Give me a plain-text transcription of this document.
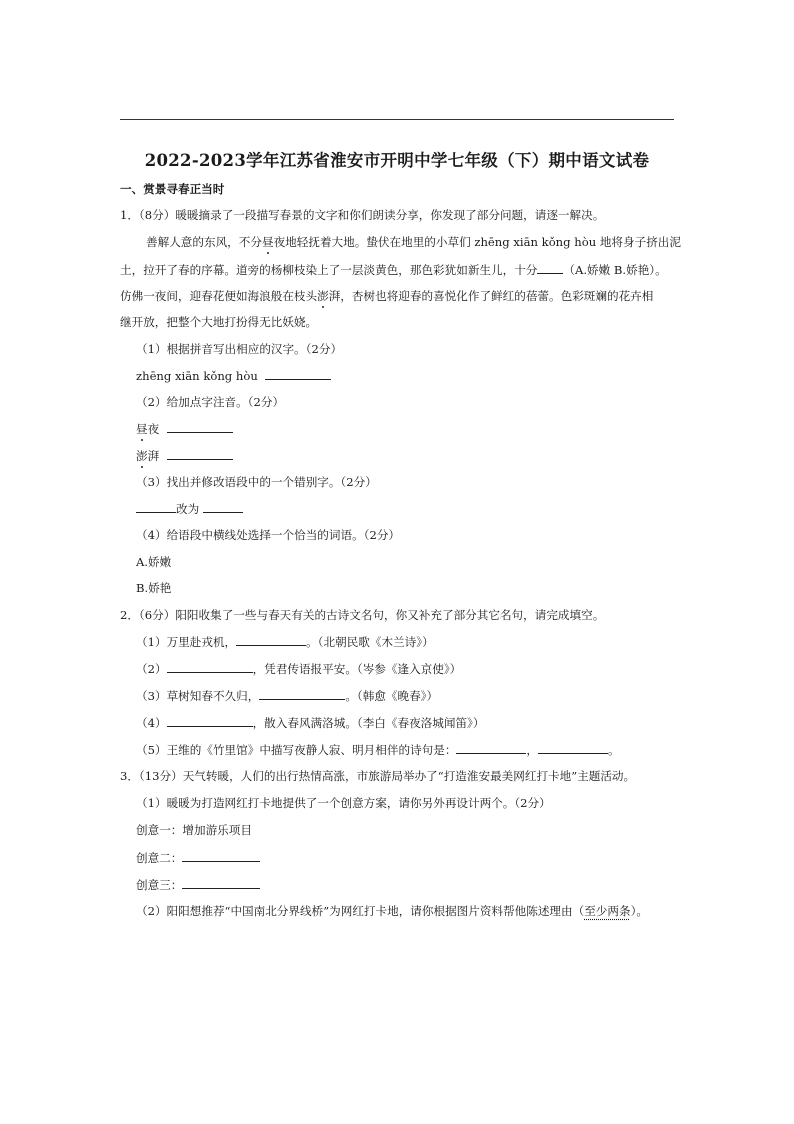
2022-2023学年江苏省淮安市开明中学七年级（下）期中语文试卷
一、赏景寻春正当时
1．（8分）暖暖摘录了一段描写春景的文字和你们朗读分享，你发现了部分问题，请逐一解决。
善解人意的东风，不分昼夜地轻抚着大地。蛰伏在地里的小草们 zhēng xiān kǒng hòu 地将身子挤出泥
土，拉开了春的序幕。道旁的杨柳枝染上了一层淡黄色，那色彩犹如新生儿，十分 （A.娇嫩 B.娇艳）。
仿佛一夜间，迎春花便如海浪般在枝头澎湃，杏树也将迎春的喜悦化作了鲜红的蓓蕾。色彩斑斓的花卉相
继开放，把整个大地打扮得无比妖娆。
（1）根据拼音写出相应的汉字。（2分）
zhēng xiān kǒng hòu
（2）给加点字注音。（2分）
昼夜
澎湃
（3）找出并修改语段中的一个错别字。（2分）
改为
（4）给语段中横线处选择一个恰当的词语。（2分）
A.娇嫩
B.娇艳
2．（6分）阳阳收集了一些与春天有关的古诗文名句，你又补充了部分其它名句，请完成填空。
（1）万里赴戎机，	。（北朝民歌《木兰诗》）
（2）	，凭君传语报平安。（岑参《逢入京使》）
（3）草树知春不久归，	。（韩愈《晚春》）
（4）	，散入春风满洛城。（李白《春夜洛城闻笛》）
（5）王维的《竹里馆》中描写夜静人寂、明月相伴的诗句是：	，	。
3．（13分）天气转暖，人们的出行热情高涨，市旅游局举办了“打造淮安最美网红打卡地”主题活动。
（1）暖暖为打造网红打卡地提供了一个创意方案，请你另外再设计两个。（2分）
创意一：增加游乐项目
创意二：
创意三：
（2）阳阳想推荐“中国南北分界线桥”为网红打卡地，请你根据图片资料帮他陈述理由（至少两条）。
